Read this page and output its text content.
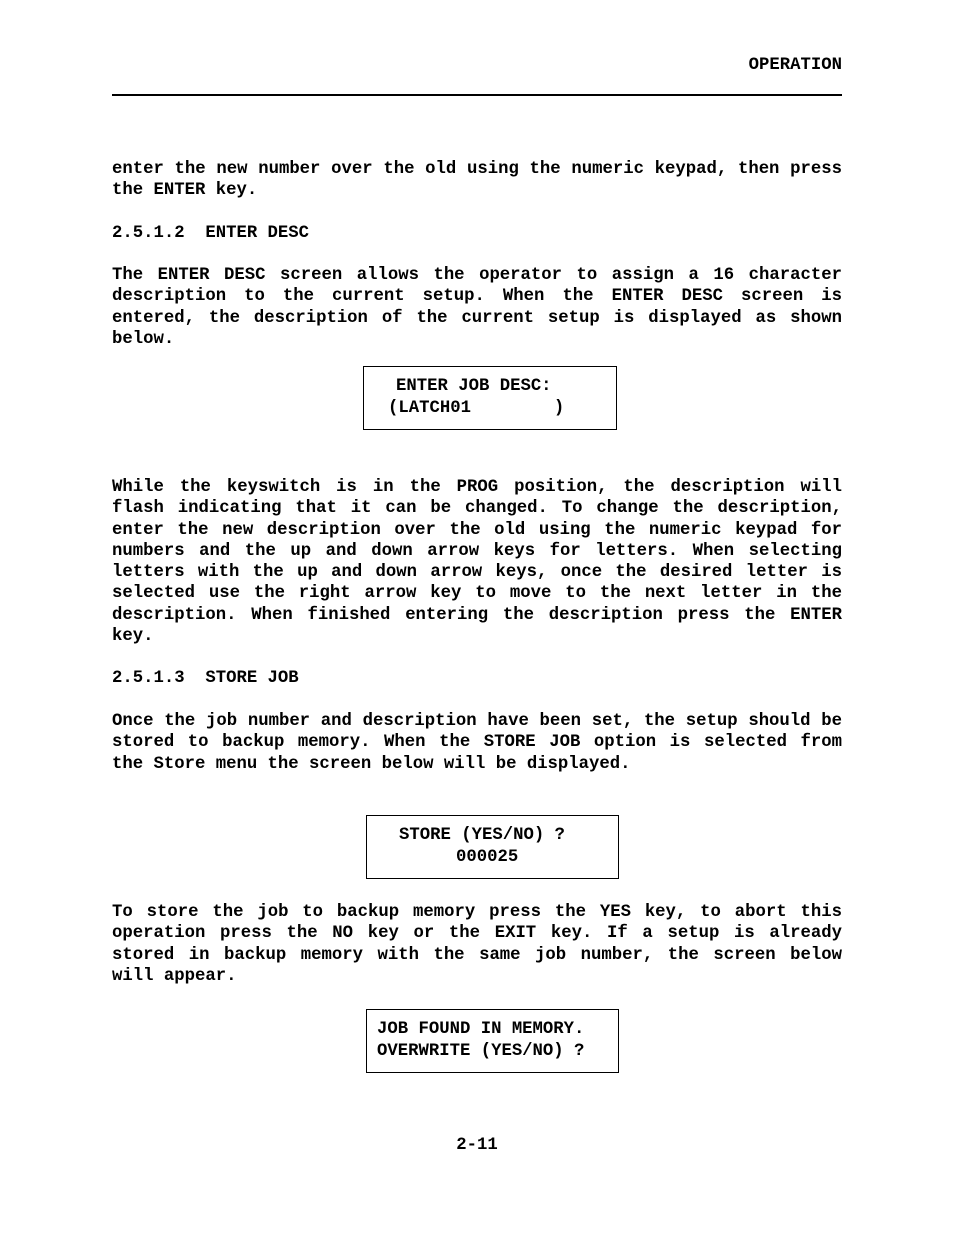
OPERATION

enter the new number over the old using the numeric keypad, then press the ENTER key.

2.5.1.2  ENTER DESC

The ENTER DESC screen allows the operator to assign a 16 character description to the current setup. When the ENTER DESC screen is entered, the description of the current setup is displayed as shown below.

ENTER JOB DESC:
(LATCH01        )

While the keyswitch is in the PROG position, the description will flash indicating that it can be changed. To change the description, enter the new description over the old using the numeric keypad for numbers and the up and down arrow keys for letters. When selecting letters with the up and down arrow keys, once the desired letter is selected use the right arrow key to move to the next letter in the description. When finished entering the description press the ENTER key.

2.5.1.3  STORE JOB

Once the job number and description have been set, the setup should be stored to backup memory. When the STORE JOB option is selected from the Store menu the screen below will be displayed.

STORE (YES/NO) ?
000025

To store the job to backup memory press the YES key, to abort this operation press the NO key or the EXIT key. If a setup is already stored in backup memory with the same job number, the screen below will appear.

JOB FOUND IN MEMORY.
OVERWRITE (YES/NO) ?
2-11
